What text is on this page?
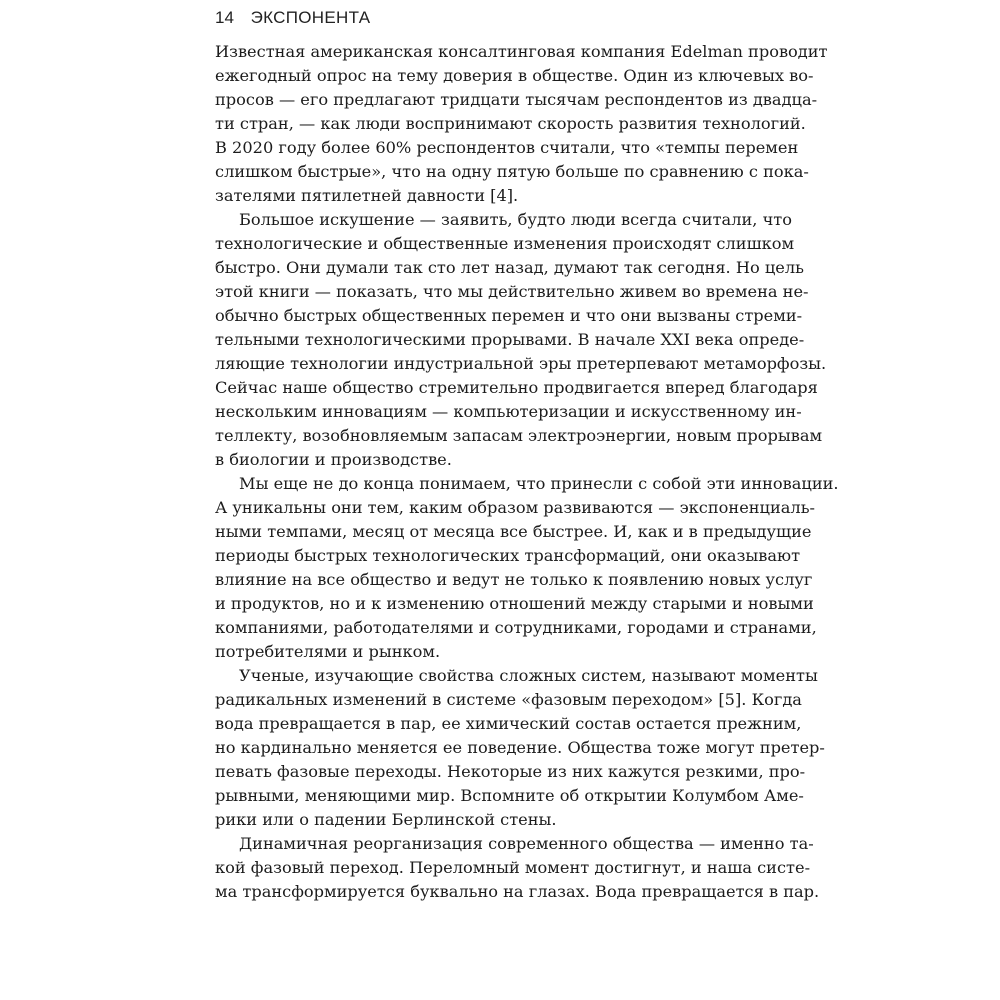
14 ЭКСПОНЕНТА

Известная американская консалтинговая компания Edelman проводит
ежегодный опрос на тему доверия в обществе. Один из ключевых во-
просов — его предлагают тридцати тысячам респондентов из двадца-
ти стран, — как люди воспринимают скорость развития технологий.
В 2020 году более 60% респондентов считали, что «темпы перемен
слишком быстрые», что на одну пятую больше по сравнению с пока-
зателями пятилетней давности [4].

Большое искушение — заявить, будто люди всегда считали, что
технологические и общественные изменения происходят слишком
быстро. Они думали так сто лет назад, думают так сегодня. Но цель
этой книги — показать, что мы действительно живем во времена не-
обычно быстрых общественных перемен и что они вызваны стреми-
тельными технологическими прорывами. В начале XXI века опреде-
ляющие технологии индустриальной эры претерпевают метаморфозы.
Сейчас наше общество стремительно продвигается вперед благодаря
нескольким инновациям — компьютеризации и искусственному ин-
теллекту, возобновляемым запасам электроэнергии, новым прорывам
в биологии и производстве.

Мы еще не до конца понимаем, что принесли с собой эти инновации.
А уникальны они тем, каким образом развиваются — экспоненциаль-
ными темпами, месяц от месяца все быстрее. И, как и в предыдущие
периоды быстрых технологических трансформаций, они оказывают
влияние на все общество и ведут не только к появлению новых услуг
и продуктов, но и к изменению отношений между старыми и новыми
компаниями, работодателями и сотрудниками, городами и странами,
потребителями и рынком.

Ученые, изучающие свойства сложных систем, называют моменты
радикальных изменений в системе «фазовым переходом» [5]. Когда
вода превращается в пар, ее химический состав остается прежним,
но кардинально меняется ее поведение. Общества тоже могут претер-
певать фазовые переходы. Некоторые из них кажутся резкими, про-
рывными, меняющими мир. Вспомните об открытии Колумбом Аме-
рики или о падении Берлинской стены.

Динамичная реорганизация современного общества — именно та-
кой фазовый переход. Переломный момент достигнут, и наша систе-
ма трансформируется буквально на глазах. Вода превращается в пар.
